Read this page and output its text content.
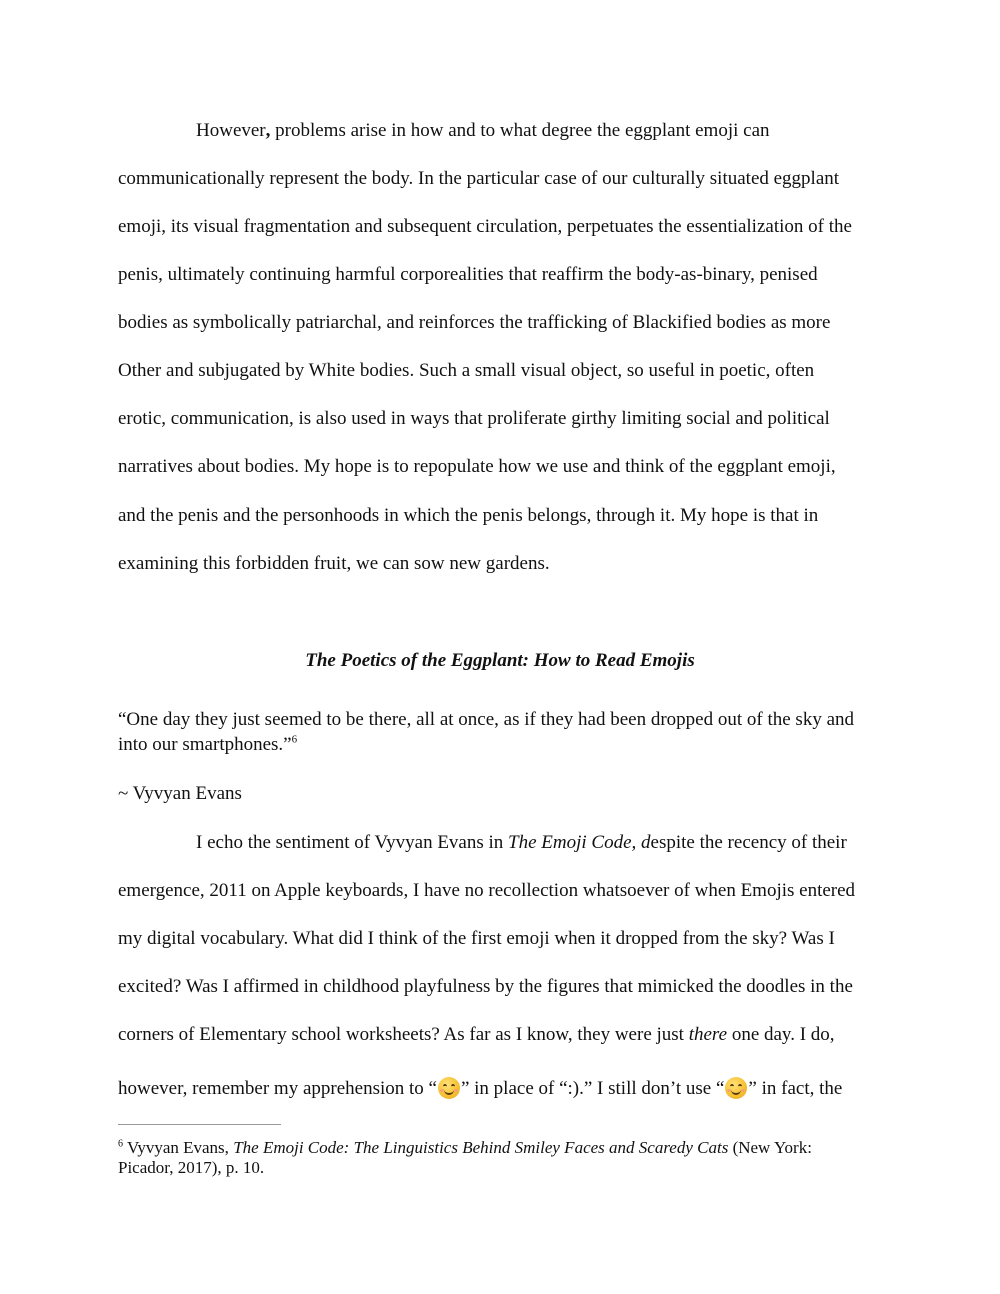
However, problems arise in how and to what degree the eggplant emoji can
communicationally represent the body. In the particular case of our culturally situated eggplant
emoji, its visual fragmentation and subsequent circulation, perpetuates the essentialization of the
penis, ultimately continuing harmful corporealities that reaffirm the body-as-binary, penised
bodies as symbolically patriarchal, and reinforces the trafficking of Blackified bodies as more
Other and subjugated by White bodies. Such a small visual object, so useful in poetic, often
erotic, communication, is also used in ways that proliferate girthy limiting social and political
narratives about bodies. My hope is to repopulate how we use and think of the eggplant emoji,
and the penis and the personhoods in which the penis belongs, through it. My hope is that in
examining this forbidden fruit, we can sow new gardens.
The Poetics of the Eggplant: How to Read Emojis
“One day they just seemed to be there, all at once, as if they had been dropped out of the sky and
into our smartphones.”$^6$
~ Vyvyan Evans
I echo the sentiment of Vyvyan Evans in The Emoji Code, despite the recency of their
emergence, 2011 on Apple keyboards, I have no recollection whatsoever of when Emojis entered
my digital vocabulary. What did I think of the first emoji when it dropped from the sky? Was I
excited? Was I affirmed in childhood playfulness by the figures that mimicked the doodles in the
corners of Elementary school worksheets? As far as I know, they were just there one day. I do,
however, remember my apprehension to “ ” in place of “:).” I still don’t use “ ” in fact, the
$^6$ Vyvyan Evans, The Emoji Code: The Linguistics Behind Smiley Faces and Scaredy Cats (New York:
Picador, 2017), p. 10.
